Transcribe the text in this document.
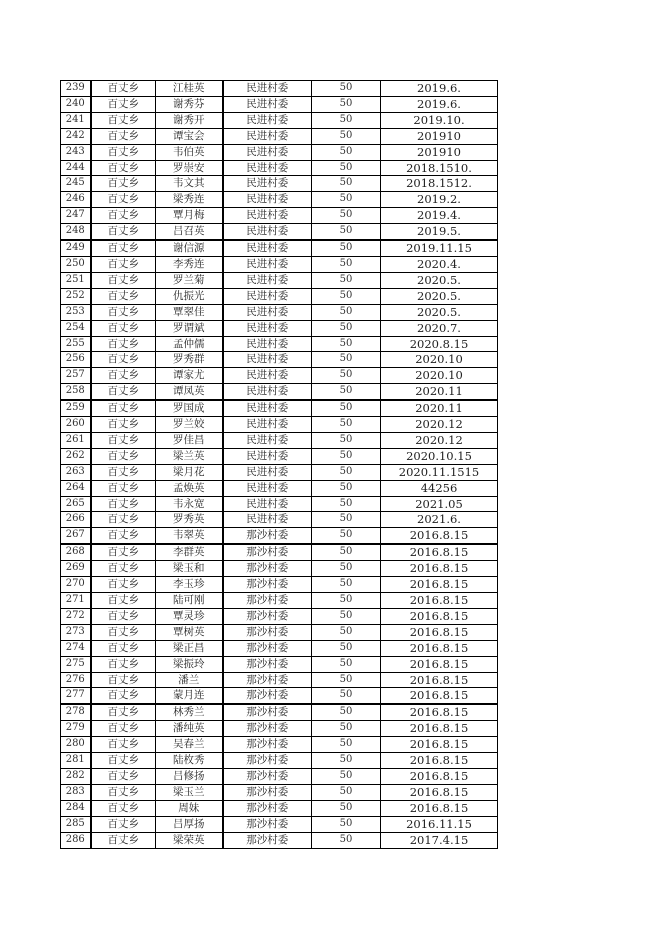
239	百丈乡	江桂英	民进村委	50	2019.6.
240	百丈乡	谢秀芬	民进村委	50	2019.6.
241	百丈乡	谢秀开	民进村委	50	2019.10.
242	百丈乡	谭宝会	民进村委	50	201910
243	百丈乡	韦伯英	民进村委	50	201910
244	百丈乡	罗崇安	民进村委	50	2018.1510.
245	百丈乡	韦文其	民进村委	50	2018.1512.
246	百丈乡	梁秀连	民进村委	50	2019.2.
247	百丈乡	覃月梅	民进村委	50	2019.4.
248	百丈乡	吕召英	民进村委	50	2019.5.
249	百丈乡	谢信源	民进村委	50	2019.11.15
250	百丈乡	李秀连	民进村委	50	2020.4.
251	百丈乡	罗兰菊	民进村委	50	2020.5.
252	百丈乡	仇振光	民进村委	50	2020.5.
253	百丈乡	覃翠佳	民进村委	50	2020.5.
254	百丈乡	罗谓斌	民进村委	50	2020.7.
255	百丈乡	孟仲儒	民进村委	50	2020.8.15
256	百丈乡	罗秀群	民进村委	50	2020.10
257	百丈乡	谭家尤	民进村委	50	2020.10
258	百丈乡	谭凤英	民进村委	50	2020.11
259	百丈乡	罗国成	民进村委	50	2020.11
260	百丈乡	罗兰姣	民进村委	50	2020.12
261	百丈乡	罗佳昌	民进村委	50	2020.12
262	百丈乡	梁兰英	民进村委	50	2020.10.15
263	百丈乡	梁月花	民进村委	50	2020.11.1515
264	百丈乡	孟焕英	民进村委	50	44256
265	百丈乡	韦永宽	民进村委	50	2021.05
266	百丈乡	罗秀英	民进村委	50	2021.6.
267	百丈乡	韦翠英	那沙村委	50	2016.8.15
268	百丈乡	李群英	那沙村委	50	2016.8.15
269	百丈乡	梁玉和	那沙村委	50	2016.8.15
270	百丈乡	李玉珍	那沙村委	50	2016.8.15
271	百丈乡	陆可刚	那沙村委	50	2016.8.15
272	百丈乡	覃灵珍	那沙村委	50	2016.8.15
273	百丈乡	覃树英	那沙村委	50	2016.8.15
274	百丈乡	梁正昌	那沙村委	50	2016.8.15
275	百丈乡	梁振玲	那沙村委	50	2016.8.15
276	百丈乡	潘兰	那沙村委	50	2016.8.15
277	百丈乡	蒙月连	那沙村委	50	2016.8.15
278	百丈乡	林秀兰	那沙村委	50	2016.8.15
279	百丈乡	潘纯英	那沙村委	50	2016.8.15
280	百丈乡	吴春兰	那沙村委	50	2016.8.15
281	百丈乡	陆枚秀	那沙村委	50	2016.8.15
282	百丈乡	吕修扬	那沙村委	50	2016.8.15
283	百丈乡	梁玉兰	那沙村委	50	2016.8.15
284	百丈乡	周妹	那沙村委	50	2016.8.15
285	百丈乡	吕厚扬	那沙村委	50	2016.11.15
286	百丈乡	梁荣英	那沙村委	50	2017.4.15
